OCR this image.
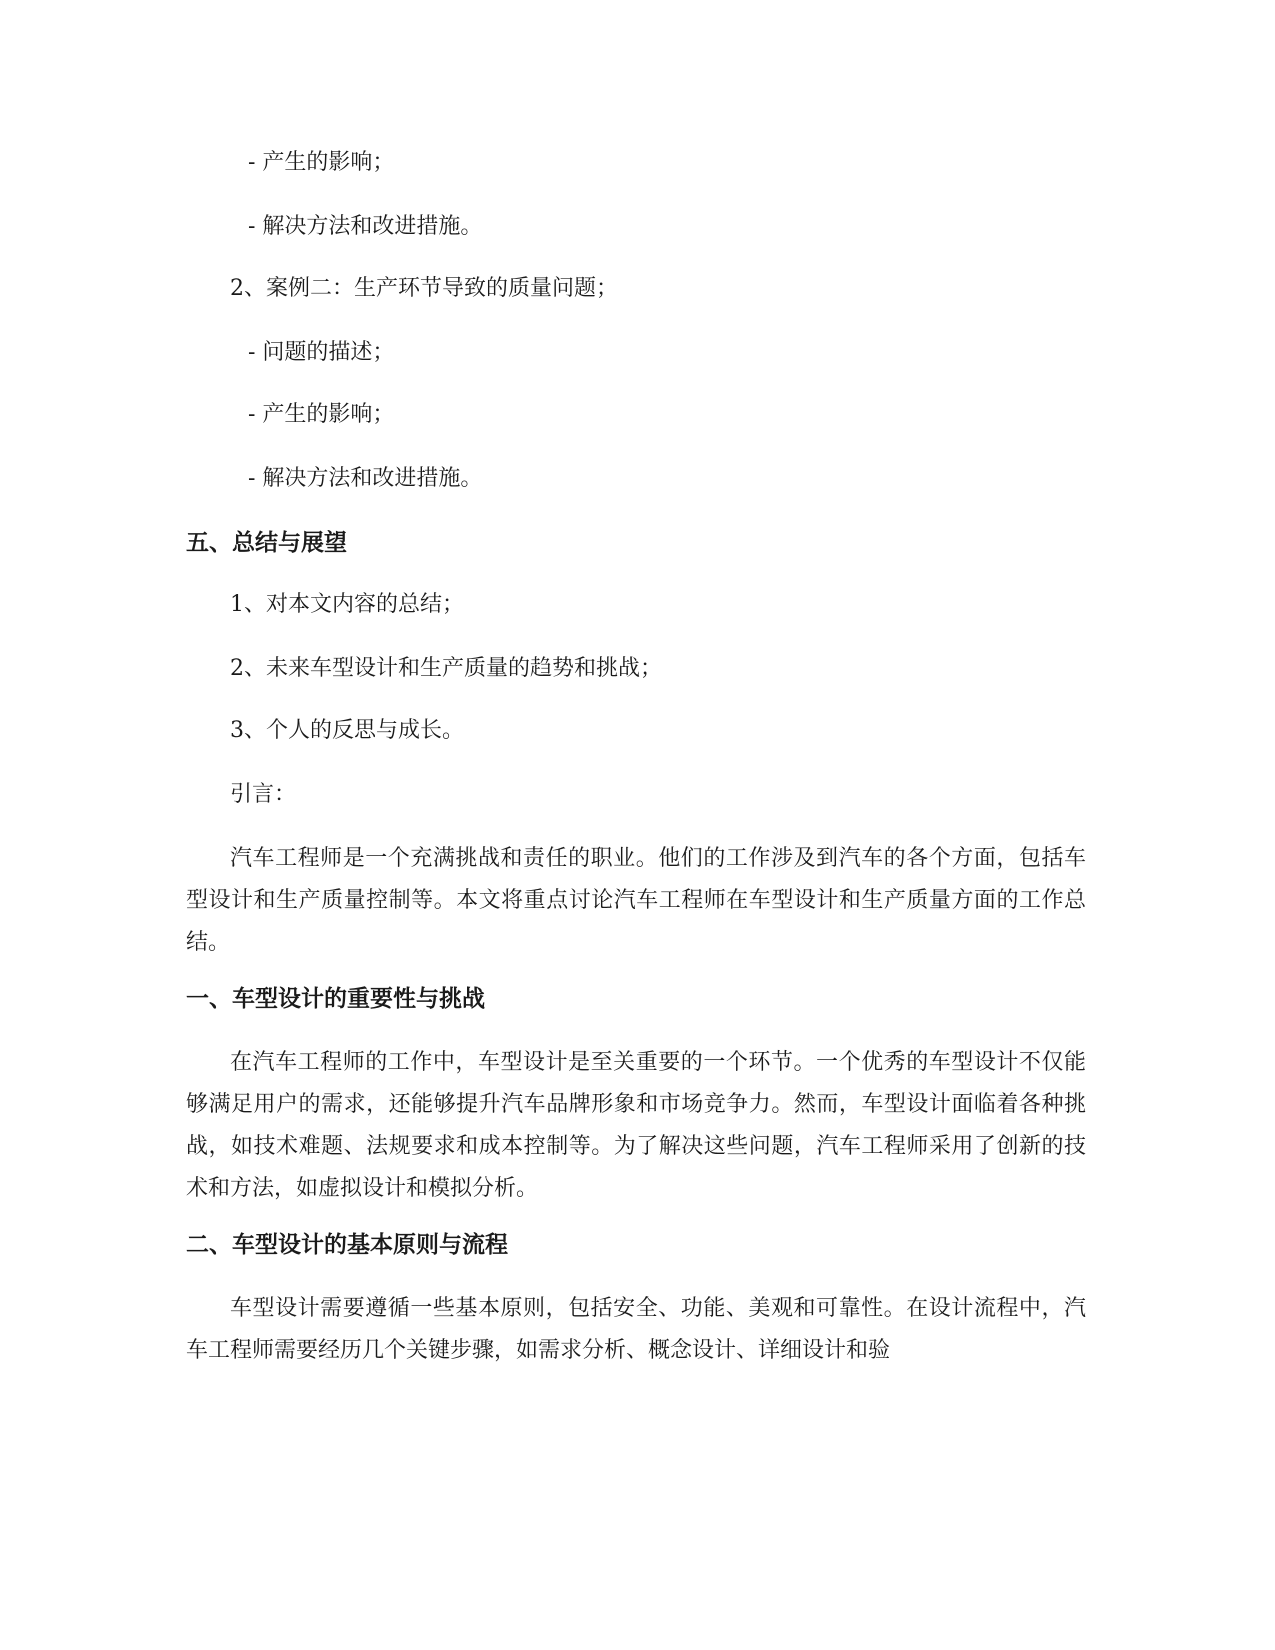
- 产生的影响；
- 解决方法和改进措施。
2、案例二：生产环节导致的质量问题；
- 问题的描述；
- 产生的影响；
- 解决方法和改进措施。
五、总结与展望
1、对本文内容的总结；
2、未来车型设计和生产质量的趋势和挑战；
3、个人的反思与成长。
引言：
汽车工程师是一个充满挑战和责任的职业。他们的工作涉及到汽车的各个方面，包括车型设计和生产质量控制等。本文将重点讨论汽车工程师在车型设计和生产质量方面的工作总结。
一、车型设计的重要性与挑战
在汽车工程师的工作中，车型设计是至关重要的一个环节。一个优秀的车型设计不仅能够满足用户的需求，还能够提升汽车品牌形象和市场竞争力。然而，车型设计面临着各种挑战，如技术难题、法规要求和成本控制等。为了解决这些问题，汽车工程师采用了创新的技术和方法，如虚拟设计和模拟分析。
二、车型设计的基本原则与流程
车型设计需要遵循一些基本原则，包括安全、功能、美观和可靠性。在设计流程中，汽车工程师需要经历几个关键步骤，如需求分析、概念设计、详细设计和验
